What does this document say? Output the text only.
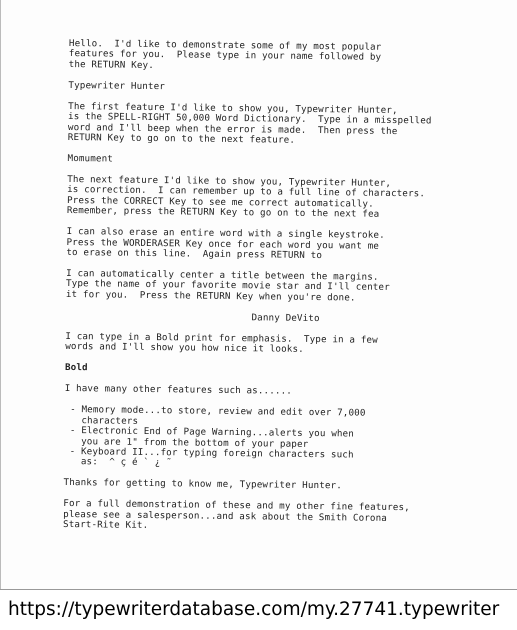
Hello.  I'd like to demonstrate some of my most popular
features for you.  Please type in your name followed by
the RETURN Key.
Typewriter Hunter
The first feature I'd like to show you, Typewriter Hunter,
is the SPELL-RIGHT 50,000 Word Dictionary.  Type in a misspelled
word and I'll beep when the error is made.  Then press the
RETURN Key to go on to the next feature.
Momument
The next feature I'd like to show you, Typewriter Hunter,
is correction.  I can remember up to a full line of characters.
Press the CORRECT Key to see me correct automatically.
Remember, press the RETURN Key to go on to the next fea
I can also erase an entire word with a single keystroke.
Press the WORDERASER Key once for each word you want me
to erase on this line.  Again press RETURN to
I can automatically center a title between the margins.
Type the name of your favorite movie star and I'll center
it for you.  Press the RETURN Key when you're done.
Danny DeVito
I can type in a Bold print for emphasis.  Type in a few
words and I'll show you how nice it looks.
Bold
I have many other features such as......
- Memory mode...to store, review and edit over 7,000
characters
- Electronic End of Page Warning...alerts you when
you are 1" from the bottom of your paper
- Keyboard II...for typing foreign characters such
as:  ^ ç é ` ¿ ˜
Thanks for getting to know me, Typewriter Hunter.
For a full demonstration of these and my other fine features,
please see a salesperson...and ask about the Smith Corona
Start-Rite Kit.
https://typewriterdatabase.com/my.27741.typewriter
